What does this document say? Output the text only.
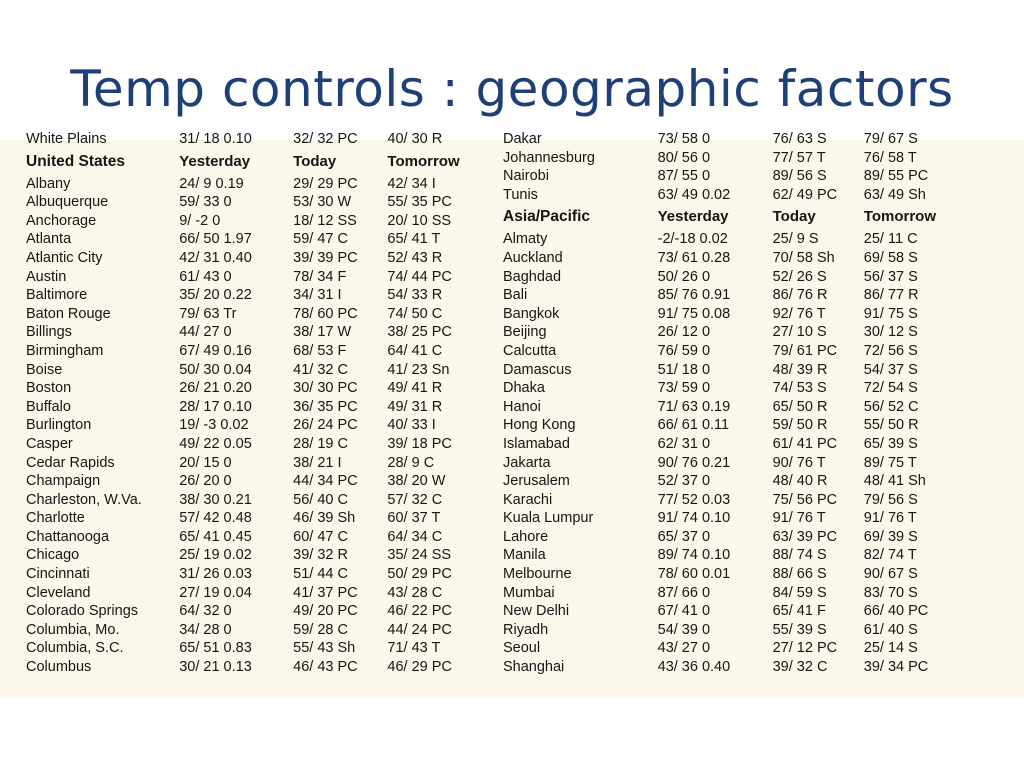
Temp controls : geographic factors
White Plains	31/ 18 0.10	32/ 32 PC	40/ 30 R
United States	Yesterday	Today	Tomorrow
Albany	24/ 9 0.19	29/ 29 PC	42/ 34 I
Albuquerque	59/ 33 0	53/ 30 W	55/ 35 PC
Anchorage	9/ -2 0	18/ 12 SS	20/ 10 SS
Atlanta	66/ 50 1.97	59/ 47 C	65/ 41 T
Atlantic City	42/ 31 0.40	39/ 39 PC	52/ 43 R
Austin	61/ 43 0	78/ 34 F	74/ 44 PC
Baltimore	35/ 20 0.22	34/ 31 I	54/ 33 R
Baton Rouge	79/ 63 Tr	78/ 60 PC	74/ 50 C
Billings	44/ 27 0	38/ 17 W	38/ 25 PC
Birmingham	67/ 49 0.16	68/ 53 F	64/ 41 C
Boise	50/ 30 0.04	41/ 32 C	41/ 23 Sn
Boston	26/ 21 0.20	30/ 30 PC	49/ 41 R
Buffalo	28/ 17 0.10	36/ 35 PC	49/ 31 R
Burlington	19/ -3 0.02	26/ 24 PC	40/ 33 I
Casper	49/ 22 0.05	28/ 19 C	39/ 18 PC
Cedar Rapids	20/ 15 0	38/ 21 I	28/ 9 C
Champaign	26/ 20 0	44/ 34 PC	38/ 20 W
Charleston, W.Va.	38/ 30 0.21	56/ 40 C	57/ 32 C
Charlotte	57/ 42 0.48	46/ 39 Sh	60/ 37 T
Chattanooga	65/ 41 0.45	60/ 47 C	64/ 34 C
Chicago	25/ 19 0.02	39/ 32 R	35/ 24 SS
Cincinnati	31/ 26 0.03	51/ 44 C	50/ 29 PC
Cleveland	27/ 19 0.04	41/ 37 PC	43/ 28 C
Colorado Springs	64/ 32 0	49/ 20 PC	46/ 22 PC
Columbia, Mo.	34/ 28 0	59/ 28 C	44/ 24 PC
Columbia, S.C.	65/ 51 0.83	55/ 43 Sh	71/ 43 T
Columbus	30/ 21 0.13	46/ 43 PC	46/ 29 PC
Dakar	73/ 58 0	76/ 63 S	79/ 67 S
Johannesburg	80/ 56 0	77/ 57 T	76/ 58 T
Nairobi	87/ 55 0	89/ 56 S	89/ 55 PC
Tunis	63/ 49 0.02	62/ 49 PC	63/ 49 Sh
Asia/Pacific	Yesterday	Today	Tomorrow
Almaty	-2/-18 0.02	25/ 9 S	25/ 11 C
Auckland	73/ 61 0.28	70/ 58 Sh	69/ 58 S
Baghdad	50/ 26 0	52/ 26 S	56/ 37 S
Bali	85/ 76 0.91	86/ 76 R	86/ 77 R
Bangkok	91/ 75 0.08	92/ 76 T	91/ 75 S
Beijing	26/ 12 0	27/ 10 S	30/ 12 S
Calcutta	76/ 59 0	79/ 61 PC	72/ 56 S
Damascus	51/ 18 0	48/ 39 R	54/ 37 S
Dhaka	73/ 59 0	74/ 53 S	72/ 54 S
Hanoi	71/ 63 0.19	65/ 50 R	56/ 52 C
Hong Kong	66/ 61 0.11	59/ 50 R	55/ 50 R
Islamabad	62/ 31 0	61/ 41 PC	65/ 39 S
Jakarta	90/ 76 0.21	90/ 76 T	89/ 75 T
Jerusalem	52/ 37 0	48/ 40 R	48/ 41 Sh
Karachi	77/ 52 0.03	75/ 56 PC	79/ 56 S
Kuala Lumpur	91/ 74 0.10	91/ 76 T	91/ 76 T
Lahore	65/ 37 0	63/ 39 PC	69/ 39 S
Manila	89/ 74 0.10	88/ 74 S	82/ 74 T
Melbourne	78/ 60 0.01	88/ 66 S	90/ 67 S
Mumbai	87/ 66 0	84/ 59 S	83/ 70 S
New Delhi	67/ 41 0	65/ 41 F	66/ 40 PC
Riyadh	54/ 39 0	55/ 39 S	61/ 40 S
Seoul	43/ 27 0	27/ 12 PC	25/ 14 S
Shanghai	43/ 36 0.40	39/ 32 C	39/ 34 PC
